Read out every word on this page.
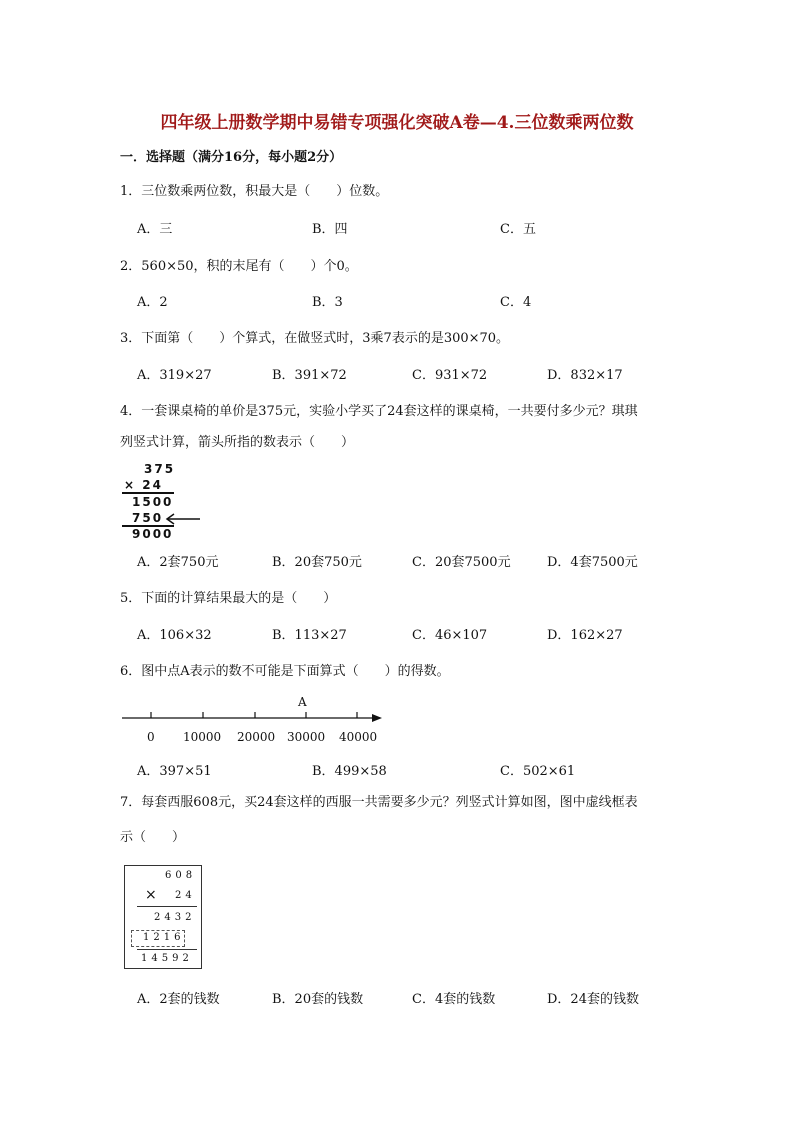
四年级上册数学期中易错专项强化突破A卷—4.三位数乘两位数
一．选择题（满分16分，每小题2分）
1．三位数乘两位数，积最大是（　　）位数。
A．三	B．四	C．五
2．560×50，积的末尾有（　　）个0。
A．2	B．3	C．4
3．下面第（　　）个算式，在做竖式时，3乘7表示的是300×70。
A．319×27	B．391×72	C．931×72	D．832×17
4．一套课桌椅的单价是375元，实验小学买了24套这样的课桌椅，一共要付多少元？琪琪
列竖式计算，箭头所指的数表示（　　）
375
× 24
1500
750
9000
A．2套750元	B．20套750元	C．20套7500元	D．4套7500元
5．下面的计算结果最大的是（　　）
A．106×32	B．113×27	C．46×107	D．162×27
6．图中点A表示的数不可能是下面算式（　　）的得数。
A
0 10000 20000 30000 40000
A．397×51	B．499×58	C．502×61
7．每套西服608元，买24套这样的西服一共需要多少元？列竖式计算如图，图中虚线框表
示（　　）
608
× 24
2432
1216
14592
A．2套的钱数	B．20套的钱数	C．4套的钱数	D．24套的钱数
